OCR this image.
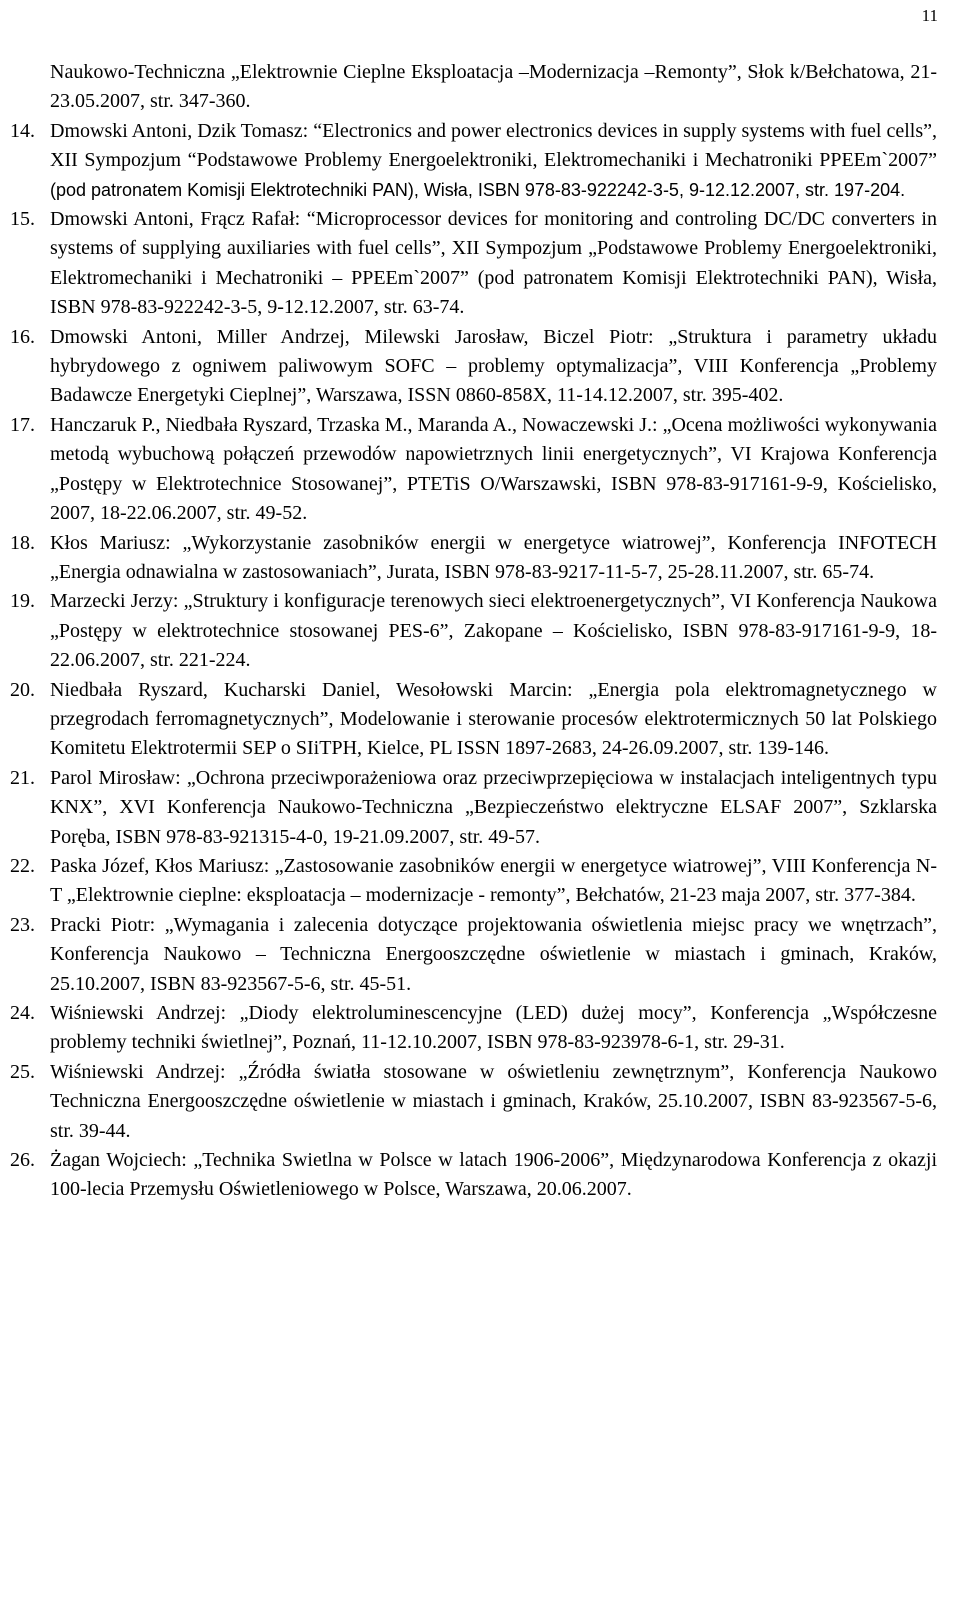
11

Naukowo-Techniczna „Elektrownie Cieplne Eksploatacja –Modernizacja –Remonty”, Słok k/Bełchatowa, 21-23.05.2007, str. 347-360.

14. Dmowski Antoni, Dzik Tomasz: “Electronics and power electronics devices in supply systems with fuel cells”, XII Sympozjum “Podstawowe Problemy Energoelektroniki, Elektromechaniki i Mechatroniki PPEEm`2007” (pod patronatem Komisji Elektrotechniki PAN), Wisła, ISBN 978-83-922242-3-5, 9-12.12.2007, str. 197-204.

15. Dmowski Antoni, Frącz Rafał: “Microprocessor devices for monitoring and controling DC/DC converters in systems of supplying auxiliaries with fuel cells”, XII Sympozjum „Podstawowe Problemy Energoelektroniki, Elektromechaniki i Mechatroniki – PPEEm`2007” (pod patronatem Komisji Elektrotechniki PAN), Wisła, ISBN 978-83-922242-3-5, 9-12.12.2007, str. 63-74.

16. Dmowski Antoni, Miller Andrzej, Milewski Jarosław, Biczel Piotr: „Struktura i parametry układu hybrydowego z ogniwem paliwowym SOFC – problemy optymalizacja”, VIII Konferencja „Problemy Badawcze Energetyki Cieplnej”, Warszawa, ISSN 0860-858X, 11-14.12.2007, str. 395-402.

17. Hanczaruk P., Niedbała Ryszard, Trzaska M., Maranda A., Nowaczewski J.: „Ocena możliwości wykonywania metodą wybuchową połączeń przewodów napowietrznych linii energetycznych”, VI Krajowa Konferencja „Postępy w Elektrotechnice Stosowanej”, PTETiS O/Warszawski, ISBN 978-83-917161-9-9, Kościelisko, 2007, 18-22.06.2007, str. 49-52.

18. Kłos Mariusz: „Wykorzystanie zasobników energii w energetyce wiatrowej”, Konferencja INFOTECH „Energia odnawialna w zastosowaniach”, Jurata, ISBN 978-83-9217-11-5-7, 25-28.11.2007, str. 65-74.

19. Marzecki Jerzy: „Struktury i konfiguracje terenowych sieci elektroenergetycznych”, VI Konferencja Naukowa „Postępy w elektrotechnice stosowanej PES-6”, Zakopane – Kościelisko, ISBN 978-83-917161-9-9, 18-22.06.2007, str. 221-224.

20. Niedbała Ryszard, Kucharski Daniel, Wesołowski Marcin: „Energia pola elektromagnetycznego w przegrodach ferromagnetycznych”, Modelowanie i sterowanie procesów elektrotermicznych 50 lat Polskiego Komitetu Elektrotermii SEP o SIiTPH, Kielce, PL ISSN 1897-2683, 24-26.09.2007, str. 139-146.

21. Parol Mirosław: „Ochrona przeciwporażeniowa oraz przeciwprzepięciowa w instalacjach inteligentnych typu KNX”, XVI Konferencja Naukowo-Techniczna „Bezpieczeństwo elektryczne ELSAF 2007”, Szklarska Poręba, ISBN 978-83-921315-4-0, 19-21.09.2007, str. 49-57.

22. Paska Józef, Kłos Mariusz: „Zastosowanie zasobników energii w energetyce wiatrowej”, VIII Konferencja N-T „Elektrownie cieplne: eksploatacja – modernizacje - remonty”, Bełchatów, 21-23 maja 2007, str. 377-384.

23. Pracki Piotr: „Wymagania i zalecenia dotyczące projektowania oświetlenia miejsc pracy we wnętrzach”, Konferencja Naukowo – Techniczna Energooszczędne oświetlenie w miastach i gminach, Kraków, 25.10.2007, ISBN 83-923567-5-6, str. 45-51.

24. Wiśniewski Andrzej: „Diody elektroluminescencyjne (LED) dużej mocy”, Konferencja „Współczesne problemy techniki świetlnej”, Poznań, 11-12.10.2007, ISBN 978-83-923978-6-1, str. 29-31.

25. Wiśniewski Andrzej: „Źródła światła stosowane w oświetleniu zewnętrznym”, Konferencja Naukowo Techniczna Energooszczędne oświetlenie w miastach i gminach, Kraków, 25.10.2007, ISBN 83-923567-5-6, str. 39-44.

26. Żagan Wojciech: „Technika Swietlna w Polsce w latach 1906-2006”, Międzynarodowa Konferencja z okazji 100-lecia Przemysłu Oświetleniowego w Polsce, Warszawa, 20.06.2007.
